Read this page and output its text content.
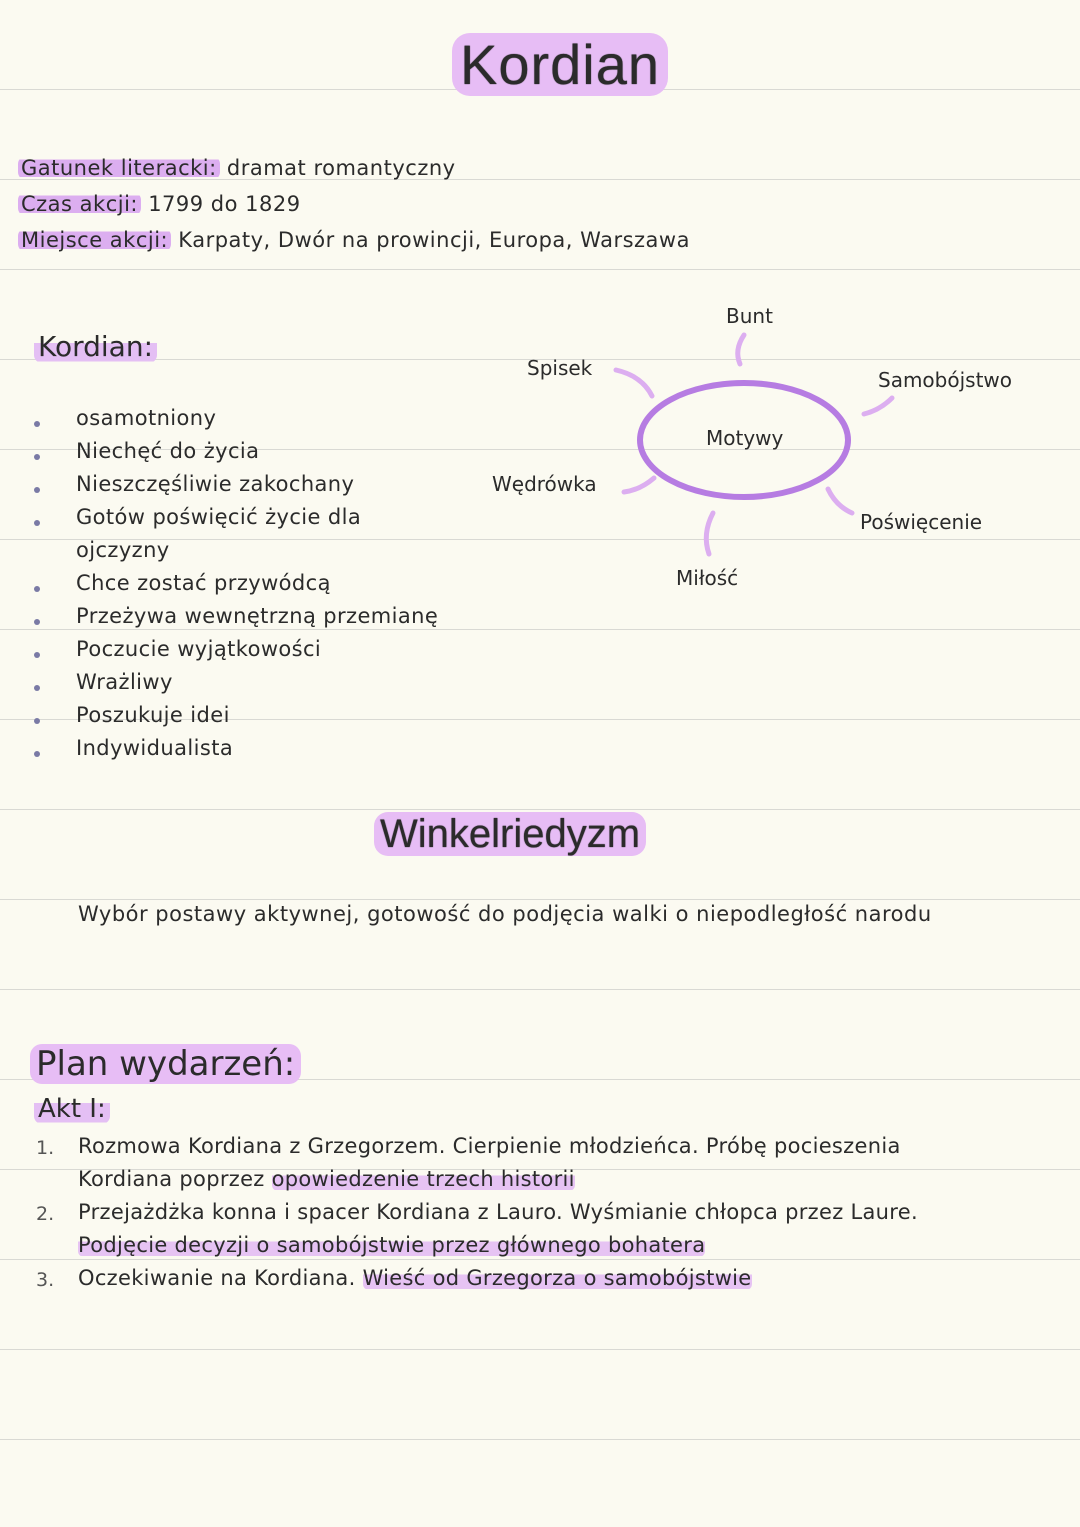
Kordian
Gatunek literacki: dramat romantyczny
Czas akcji: 1799 do 1829
Miejsce akcji: Karpaty, Dwór na prowincji, Europa, Warszawa
Kordian:
osamotniony
Niechęć do życia
Nieszczęśliwie zakochany
Gotów poświęcić życie dla
ojczyzny
Chce zostać przywódcą
Przeżywa wewnętrzną przemianę
Poczucie wyjątkowości
Wrażliwy
Poszukuje idei
Indywidualista
Motywy
Bunt
Samobójstwo
Poświęcenie
Miłość
Wędrówka
Spisek
Winkelriedyzm
Wybór postawy aktywnej, gotowość do podjęcia walki o niepodległość narodu
Plan wydarzeń:
Akt I:
1. Rozmowa Kordiana z Grzegorzem. Cierpienie młodzieńca. Próbę pocieszenia
Kordiana poprzez opowiedzenie trzech historii
2. Przejażdżka konna i spacer Kordiana z Lauro. Wyśmianie chłopca przez Laure.
Podjęcie decyzji o samobójstwie przez głównego bohatera
3. Oczekiwanie na Kordiana. Wieść od Grzegorza o samobójstwie
